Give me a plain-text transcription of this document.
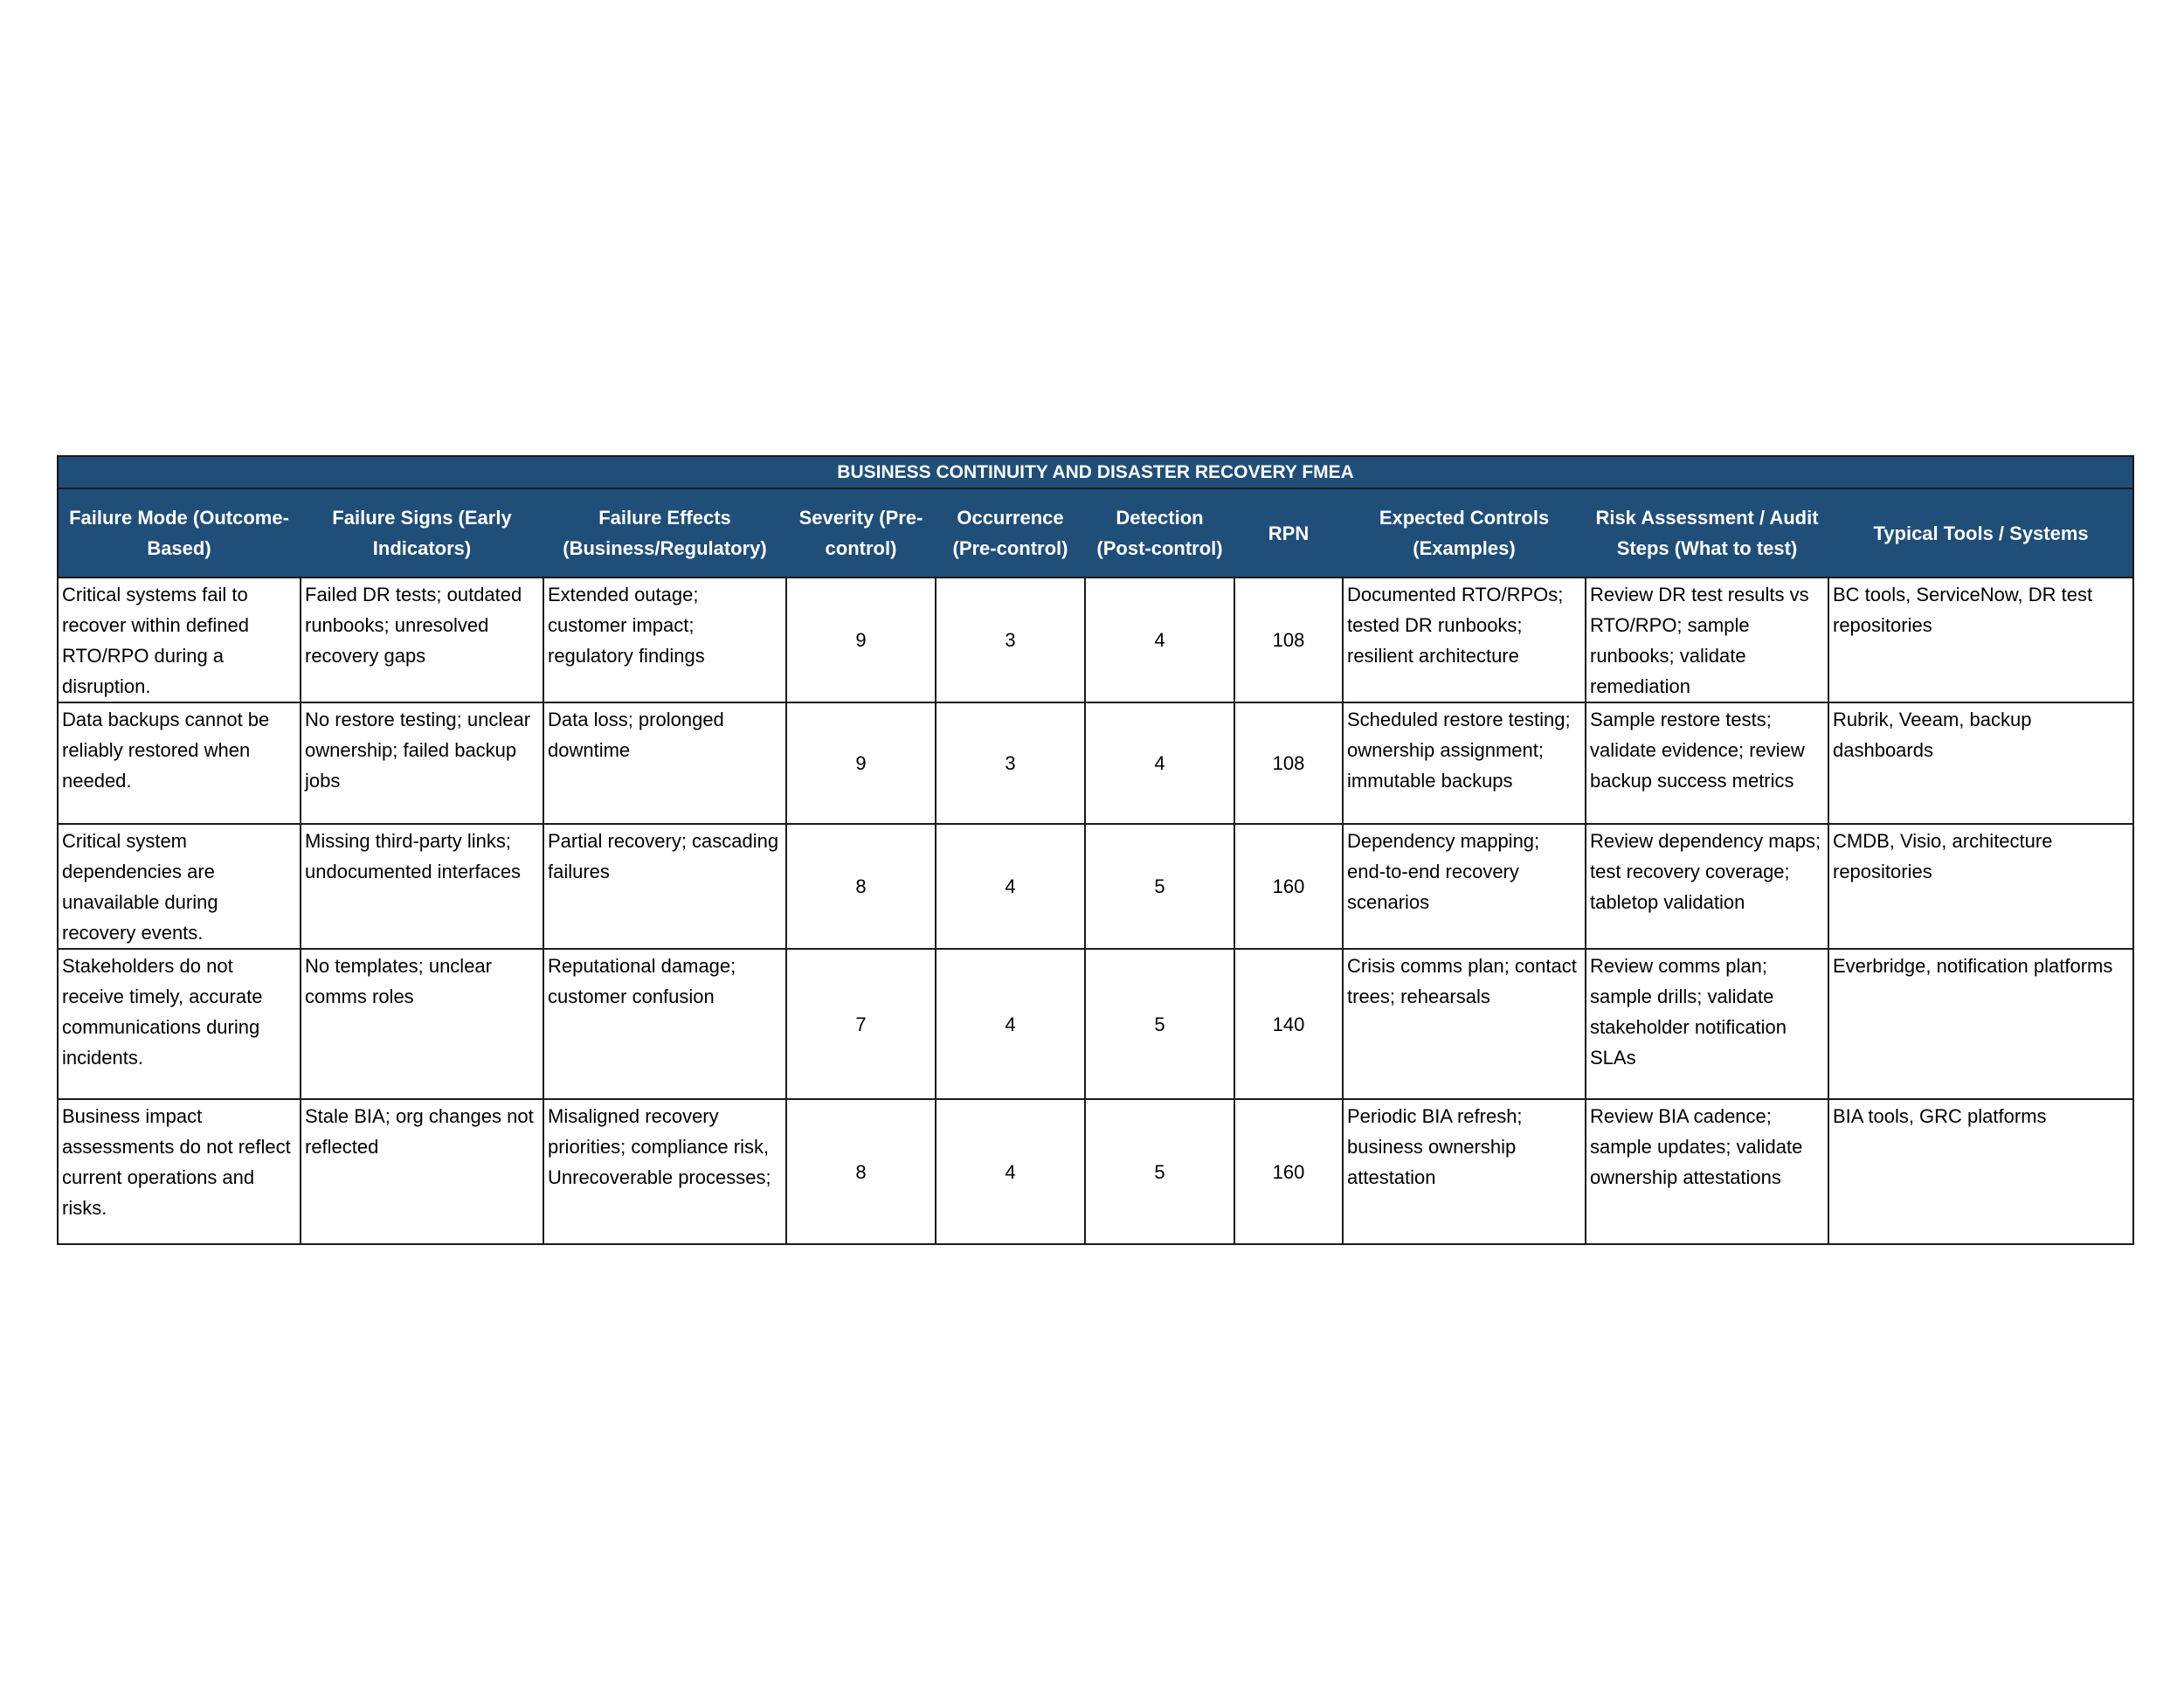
BUSINESS CONTINUITY AND DISASTER RECOVERY FMEA									
Failure Mode (Outcome-Based)	Failure Signs (Early Indicators)	Failure Effects (Business/Regulatory)	Severity (Pre-control)	Occurrence (Pre-control)	Detection (Post-control)	RPN	Expected Controls (Examples)	Risk Assessment / Audit Steps (What to test)	Typical Tools / Systems
Critical systems fail to recover within defined RTO/RPO during a disruption.	Failed DR tests; outdated runbooks; unresolved recovery gaps	Extended outage; customer impact; regulatory findings	9	3	4	108	Documented RTO/RPOs; tested DR runbooks; resilient architecture	Review DR test results vs RTO/RPO; sample runbooks; validate remediation	BC tools, ServiceNow, DR test repositories
Data backups cannot be reliably restored when needed.	No restore testing; unclear ownership; failed backup jobs	Data loss; prolonged downtime	9	3	4	108	Scheduled restore testing; ownership assignment; immutable backups	Sample restore tests; validate evidence; review backup success metrics	Rubrik, Veeam, backup dashboards
Critical system dependencies are unavailable during recovery events.	Missing third-party links; undocumented interfaces	Partial recovery; cascading failures	8	4	5	160	Dependency mapping; end-to-end recovery scenarios	Review dependency maps; test recovery coverage; tabletop validation	CMDB, Visio, architecture repositories
Stakeholders do not receive timely, accurate communications during incidents.	No templates; unclear comms roles	Reputational damage; customer confusion	7	4	5	140	Crisis comms plan; contact trees; rehearsals	Review comms plan; sample drills; validate stakeholder notification SLAs	Everbridge, notification platforms
Business impact assessments do not reflect current operations and risks.	Stale BIA; org changes not reflected	Misaligned recovery priorities; compliance risk, Unrecoverable processes;	8	4	5	160	Periodic BIA refresh; business ownership attestation	Review BIA cadence; sample updates; validate ownership attestations	BIA tools, GRC platforms
